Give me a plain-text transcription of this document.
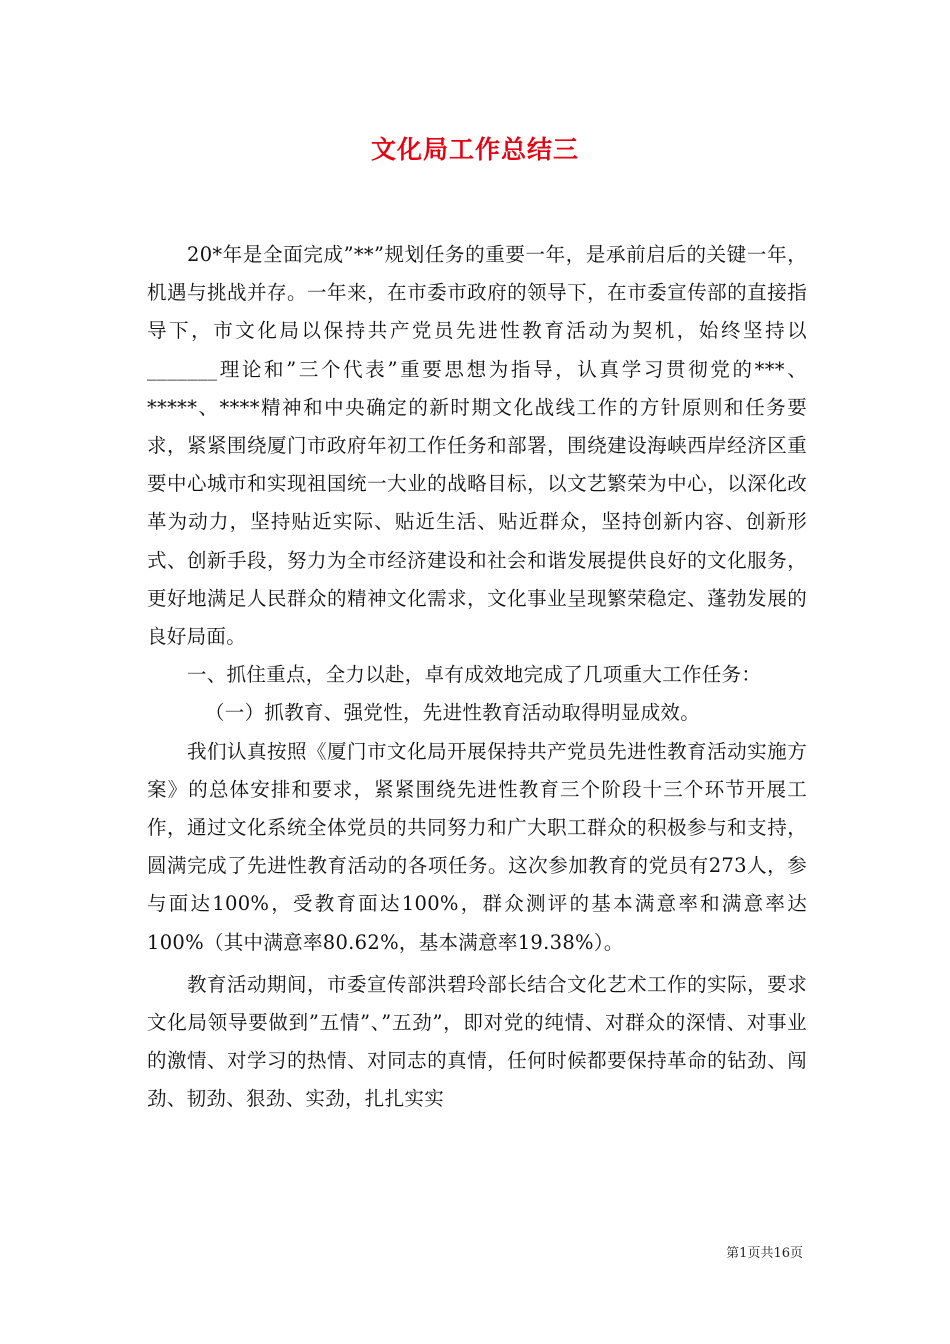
文化局工作总结三

20*年是全面完成”**”规划任务的重要一年，是承前启后的关键一年，机遇与挑战并存。一年来，在市委市政府的领导下，在市委宣传部的直接指导下，市文化局以保持共产党员先进性教育活动为契机，始终坚持以_______理论和”三个代表”重要思想为指导，认真学习贯彻党的***、*****、****精神和中央确定的新时期文化战线工作的方针原则和任务要求，紧紧围绕厦门市政府年初工作任务和部署，围绕建设海峡西岸经济区重要中心城市和实现祖国统一大业的战略目标，以文艺繁荣为中心，以深化改革为动力，坚持贴近实际、贴近生活、贴近群众，坚持创新内容、创新形式、创新手段，努力为全市经济建设和社会和谐发展提供良好的文化服务，更好地满足人民群众的精神文化需求，文化事业呈现繁荣稳定、蓬勃发展的良好局面。

一、抓住重点，全力以赴，卓有成效地完成了几项重大工作任务：

（一）抓教育、强党性，先进性教育活动取得明显成效。

我们认真按照《厦门市文化局开展保持共产党员先进性教育活动实施方案》的总体安排和要求，紧紧围绕先进性教育三个阶段十三个环节开展工作，通过文化系统全体党员的共同努力和广大职工群众的积极参与和支持，圆满完成了先进性教育活动的各项任务。这次参加教育的党员有273人，参与面达100%，受教育面达100%，群众测评的基本满意率和满意率达100%（其中满意率80.62%，基本满意率19.38%）。

教育活动期间，市委宣传部洪碧玲部长结合文化艺术工作的实际，要求文化局领导要做到”五情”、”五劲”，即对党的纯情、对群众的深情、对事业的激情、对学习的热情、对同志的真情，任何时候都要保持革命的钻劲、闯劲、韧劲、狠劲、实劲，扎扎实实

第1页共16页
